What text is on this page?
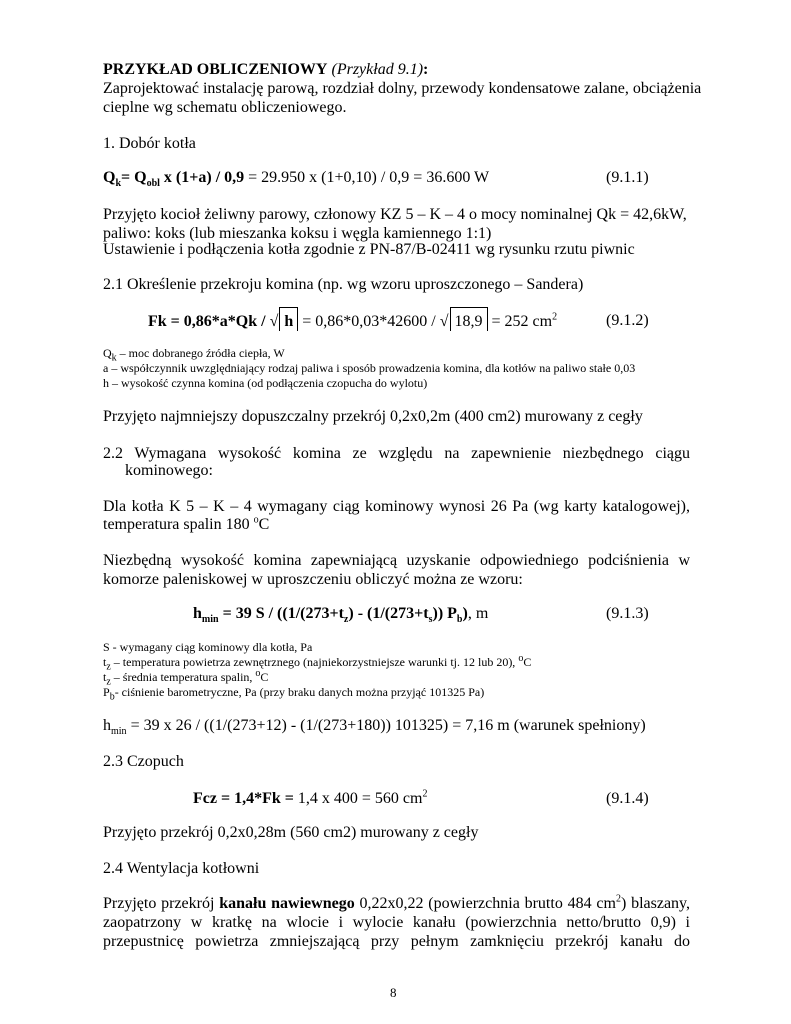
PRZYKŁAD OBLICZENIOWY (Przykład 9.1):
Zaprojektować instalację parową, rozdział dolny, przewody kondensatowe zalane, obciążenia
cieplne wg schematu obliczeniowego.
1. Dobór kotła
$Q_k= Q_{obl}$ x (1+a) / 0,9 = 29.950 x (1+0,10) / 0,9 = 36.600 W	(9.1.1)
Przyjęto kocioł żeliwny parowy, członowy KZ 5 – K – 4 o mocy nominalnej Qk = 42,6kW,
paliwo: koks (lub mieszanka koksu i węgla kamiennego 1:1)
Ustawienie i podłączenia kotła zgodnie z PN-87/B-02411 wg rysunku rzutu piwnic
2.1 Określenie przekroju komina (np. wg wzoru uproszczonego – Sandera)
Fk = 0,86*a*Qk / √ h = 0,86*0,03*42600 / √ 18,9 = 252 $cm^2$	(9.1.2)
$Q_k$ – moc dobranego źródła ciepła, W
a – współczynnik uwzględniający rodzaj paliwa i sposób prowadzenia komina, dla kotłów na paliwo stałe 0,03
h – wysokość czynna komina (od podłączenia czopucha do wylotu)
Przyjęto najmniejszy dopuszczalny przekrój 0,2x0,2m (400 cm2) murowany z cegły
2.2 Wymagana wysokość komina ze względu na zapewnienie niezbędnego ciągu
kominowego:
Dla kotła K 5 – K – 4 wymagany ciąg kominowy wynosi 26 Pa (wg karty katalogowej),
temperatura spalin 180 $^o$C
Niezbędną wysokość komina zapewniającą uzyskanie odpowiedniego podciśnienia w
komorze paleniskowej w uproszczeniu obliczyć można ze wzoru:
$h_{min} = 39$ $S / ((1/(273+t_z) - (1/(273+t_s))$ $P_b$), m	(9.1.3)
S - wymagany ciąg kominowy dla kotła, Pa
$t_z$ – temperatura powietrza zewnętrznego (najniekorzystniejsze warunki tj. 12 lub 20), $^o$C
$t_z$ – średnia temperatura spalin, $^o$C
$P_b-$ ciśnienie barometryczne, Pa (przy braku danych można przyjąć 101325 Pa)
$h_{min} = 39$ x 26 / ((1/(273+12) - (1/(273+180)) 101325) = 7,16 m (warunek spełniony)
2.3 Czopuch
Fcz = 1,4*Fk = 1,4 x 400 = 560 $cm^2$	(9.1.4)
Przyjęto przekrój 0,2x0,28m (560 cm2) murowany z cegły
2.4 Wentylacja kotłowni
Przyjęto przekrój kanału nawiewnego 0,22x0,22 (powierzchnia brutto 484 $cm^2$) blaszany,
zaopatrzony w kratkę na wlocie i wylocie kanału (powierzchnia netto/brutto 0,9) i
przepustnicę powietrza zmniejszającą przy pełnym zamknięciu przekrój kanału do
8
